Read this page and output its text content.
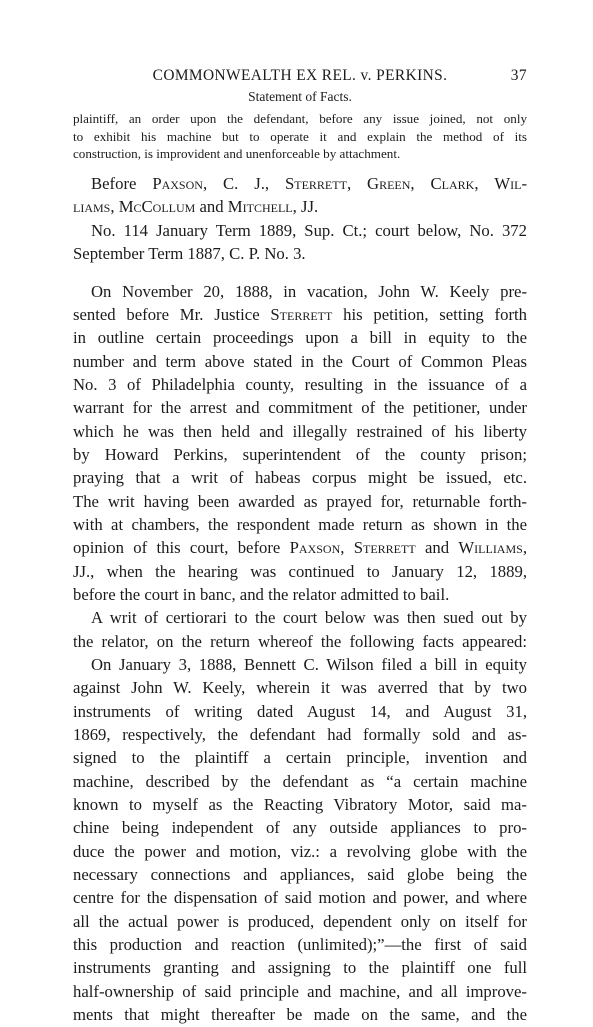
COMMONWEALTH EX REL. v. PERKINS.	37
Statement of Facts.

plaintiff, an order upon the defendant, before any issue joined, not only
to exhibit his machine but to operate it and explain the method of its
construction, is improvident and unenforceable by attachment.

Before Paxson, C. J., Sterrett, Green, Clark, Wil-
liams, McCollum and Mitchell, JJ.

No. 114 January Term 1889, Sup. Ct.; court below, No. 372
September Term 1887, C. P. No. 3.

On November 20, 1888, in vacation, John W. Keely pre-
sented before Mr. Justice Sterrett his petition, setting forth
in outline certain proceedings upon a bill in equity to the
number and term above stated in the Court of Common Pleas
No. 3 of Philadelphia county, resulting in the issuance of a
warrant for the arrest and commitment of the petitioner, under
which he was then held and illegally restrained of his liberty
by Howard Perkins, superintendent of the county prison;
praying that a writ of habeas corpus might be issued, etc.
The writ having been awarded as prayed for, returnable forth-
with at chambers, the respondent made return as shown in the
opinion of this court, before Paxson, Sterrett and Williams,
JJ., when the hearing was continued to January 12, 1889,
before the court in banc, and the relator admitted to bail.

A writ of certiorari to the court below was then sued out by
the relator, on the return whereof the following facts appeared:

On January 3, 1888, Bennett C. Wilson filed a bill in equity
against John W. Keely, wherein it was averred that by two
instruments of writing dated August 14, and August 31,
1869, respectively, the defendant had formally sold and as-
signed to the plaintiff a certain principle, invention and
machine, described by the defendant as “a certain machine
known to myself as the Reacting Vibratory Motor, said ma-
chine being independent of any outside appliances to pro-
duce the power and motion, viz.: a revolving globe with the
necessary connections and appliances, said globe being the
centre for the dispensation of said motion and power, and where
all the actual power is produced, dependent only on itself for
this production and reaction (unlimited);”—the first of said
instruments granting and assigning to the plaintiff one full
half-ownership of said principle and machine, and all improve-
ments that might thereafter be made on the same, and the
